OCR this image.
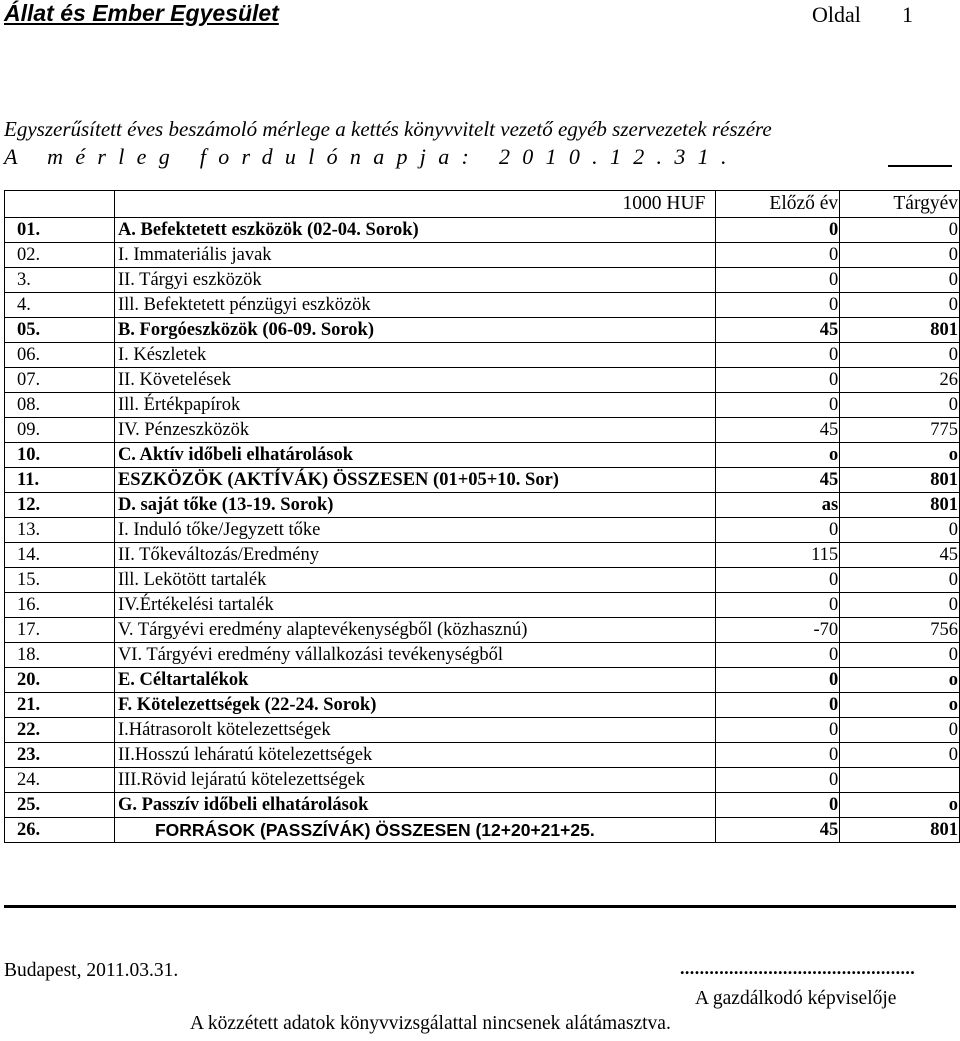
Állat és Ember Egyesület	Oldal 1
Egyszerűsített éves beszámoló mérlege a kettés könyvvitelt vezető egyéb szervezetek részére
A mérleg fordulónapja: 2010.12.31.
	1000 HUF	Előző év	Tárgyév
01.	A. Befektetett eszközök (02-04. Sorok)	0	0
02.	I. Immateriális javak	0	0
3.	II. Tárgyi eszközök	0	0
4.	Ill. Befektetett pénzügyi eszközök	0	0
05.	B. Forgóeszközök (06-09. Sorok)	45	801
06.	I. Készletek	0	0
07.	II. Követelések	0	26
08.	Ill. Értékpapírok	0	0
09.	IV. Pénzeszközök	45	775
10.	C. Aktív időbeli elhatárolások	o	o
11.	ESZKÖZÖK (AKTÍVÁK) ÖSSZESEN (01+05+10. Sor)	45	801
12.	D. saját tőke (13-19. Sorok)	as	801
13.	I. Induló tőke/Jegyzett tőke	0	0
14.	II. Tőkeváltozás/Eredmény	115	45
15.	Ill. Lekötött tartalék	0	0
16.	IV.Értékelési tartalék	0	0
17.	V. Tárgyévi eredmény alaptevékenységből (közhasznú)	-70	756
18.	VI. Tárgyévi eredmény vállalkozási tevékenységből	0	0
20.	E. Céltartalékok	0	o
21.	F. Kötelezettségek (22-24. Sorok)	0	o
22.	I.Hátrasorolt kötelezettségek	0	0
23.	II.Hosszú leháratú kötelezettségek	0	0
24.	III.Rövid lejáratú kötelezettségek	0	
25.	G. Passzív időbeli elhatárolások	0	o
26.	FORRÁSOK (PASSZÍVÁK) ÖSSZESEN (12+20+21+25.	45	801
Budapest, 2011.03.31.	................................................
A gazdálkodó képviselője
A közzétett adatok könyvvizsgálattal nincsenek alátámasztva.
